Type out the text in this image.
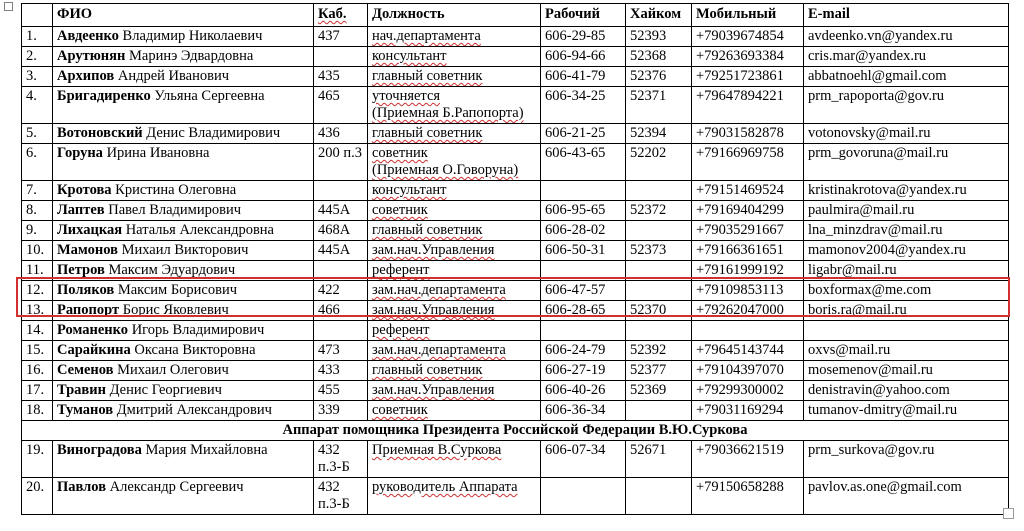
	ФИО	Каб.	Должность	Рабочий	Хайком	Мобильный	E-mail
1.	Авдеенко Владимир Николаевич	437	нач.департамента	606-29-85	52393	+79039674854	avdeenko.vn@yandex.ru
2.	Арутюнян Маринэ Эдвардовна		консультант	606-94-66	52368	+79263693384	cris.mar@yandex.ru
3.	Архипов Андрей Иванович	435	главный советник	606-41-79	52376	+79251723861	abbatnoehl@gmail.com
4.	Бригадиренко Ульяна Сергеевна	465	уточняется
(Приемная Б.Рапопорта)	606-34-25	52371	+79647894221	prm_rapoporta@gov.ru
5.	Вотоновский Денис Владимирович	436	главный советник	606-21-25	52394	+79031582878	votonovsky@mail.ru
6.	Горуна Ирина Ивановна	200 п.3	советник
(Приемная О.Говоруна)	606-43-65	52202	+79166969758	prm_govoruna@mail.ru
7.	Кротова Кристина Олеговна		консультант			+79151469524	kristinakrotova@yandex.ru
8.	Лаптев Павел Владимирович	445А	советник	606-95-65	52372	+79169404299	paulmira@mail.ru
9.	Лихацкая Наталья Александровна	468А	главный советник	606-28-02		+79035291667	lna_minzdrav@mail.ru
10.	Мамонов Михаил Викторович	445А	зам.нач.Управления	606-50-31	52373	+79166361651	mamonov2004@yandex.ru
11.	Петров Максим Эдуардович		референт			+79161999192	ligabr@mail.ru
12.	Поляков Максим Борисович	422	зам.нач.департамента	606-47-57		+79109853113	boxformax@me.com
13.	Рапопорт Борис Яковлевич	466	зам.нач.Управления	606-28-65	52370	+79262047000	boris.ra@mail.ru
14.	Романенко Игорь Владимирович		референт				
15.	Сарайкина Оксана Викторовна	473	зам.нач.департамента	606-24-79	52392	+79645143744	oxvs@mail.ru
16.	Семенов Михаил Олегович	433	главный советник	606-27-19	52377	+79104397070	mosemenov@mail.ru
17.	Травин Денис Георгиевич	455	зам.нач.Управления	606-40-26	52369	+79299300002	denistravin@yahoo.com
18.	Туманов Дмитрий Александрович	339	советник	606-36-34		+79031169294	tumanov-dmitry@mail.ru
Аппарат помощника Президента Российской Федерации В.Ю.Суркова							
19.	Виноградова Мария Михайловна	432
п.3-Б	Приемная В.Суркова	606-07-34	52671	+79036621519	prm_surkova@gov.ru
20.	Павлов Александр Сергеевич	432
п.3-Б	руководитель Аппарата			+79150658288	pavlov.as.one@gmail.com
